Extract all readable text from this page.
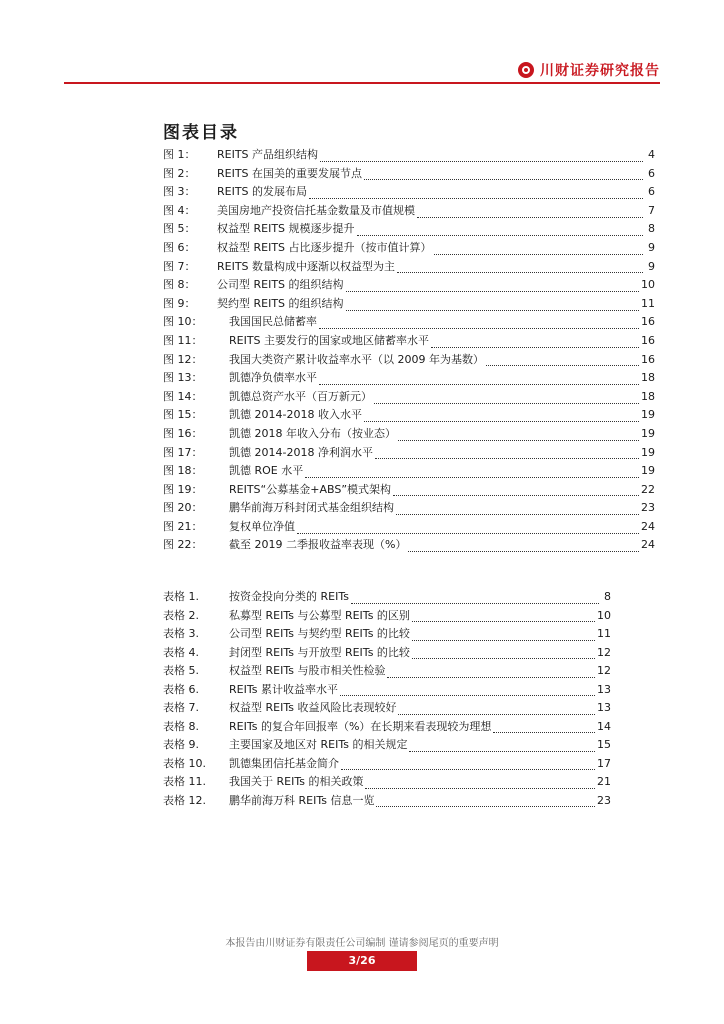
川财证券研究报告
图表目录
图 1：	REITS 产品组织结构	4
图 2：	REITS 在国美的重要发展节点	6
图 3：	REITS 的发展布局	6
图 4：	美国房地产投资信托基金数量及市值规模	7
图 5：	权益型 REITS 规模逐步提升	8
图 6：	权益型 REITS 占比逐步提升（按市值计算）	9
图 7：	REITS 数量构成中逐渐以权益型为主	9
图 8：	公司型 REITS 的组织结构	10
图 9：	契约型 REITS 的组织结构	11
图 10：	我国国民总储蓄率	16
图 11：	REITS 主要发行的国家或地区储蓄率水平	16
图 12：	我国大类资产累计收益率水平（以 2009 年为基数）	16
图 13：	凯德净负债率水平	18
图 14：	凯德总资产水平（百万新元）	18
图 15：	凯德 2014-2018 收入水平	19
图 16：	凯德 2018 年收入分布（按业态）	19
图 17：	凯德 2014-2018 净利润水平	19
图 18：	凯德 ROE 水平	19
图 19：	REITS“公募基金+ABS”模式架构	22
图 20：	鹏华前海万科封闭式基金组织结构	23
图 21：	复权单位净值	24
图 22：	截至 2019 二季报收益率表现（%）	24
表格 1.	按资金投向分类的 REITs	8
表格 2.	私募型 REITs 与公募型 REITs 的区别	10
表格 3.	公司型 REITs 与契约型 REITs 的比较	11
表格 4.	封闭型 REITs 与开放型 REITs 的比较	12
表格 5.	权益型 REITs 与股市相关性检验	12
表格 6.	REITs 累计收益率水平	13
表格 7.	权益型 REITs 收益风险比表现较好	13
表格 8.	REITs 的复合年回报率（%）在长期来看表现较为理想	14
表格 9.	主要国家及地区对 REITs 的相关规定	15
表格 10.	凯德集团信托基金简介	17
表格 11.	我国关于 REITs 的相关政策	21
表格 12.	鹏华前海万科 REITs 信息一览	23
本报告由川财证券有限责任公司编制 谨请参阅尾页的重要声明
3/26
